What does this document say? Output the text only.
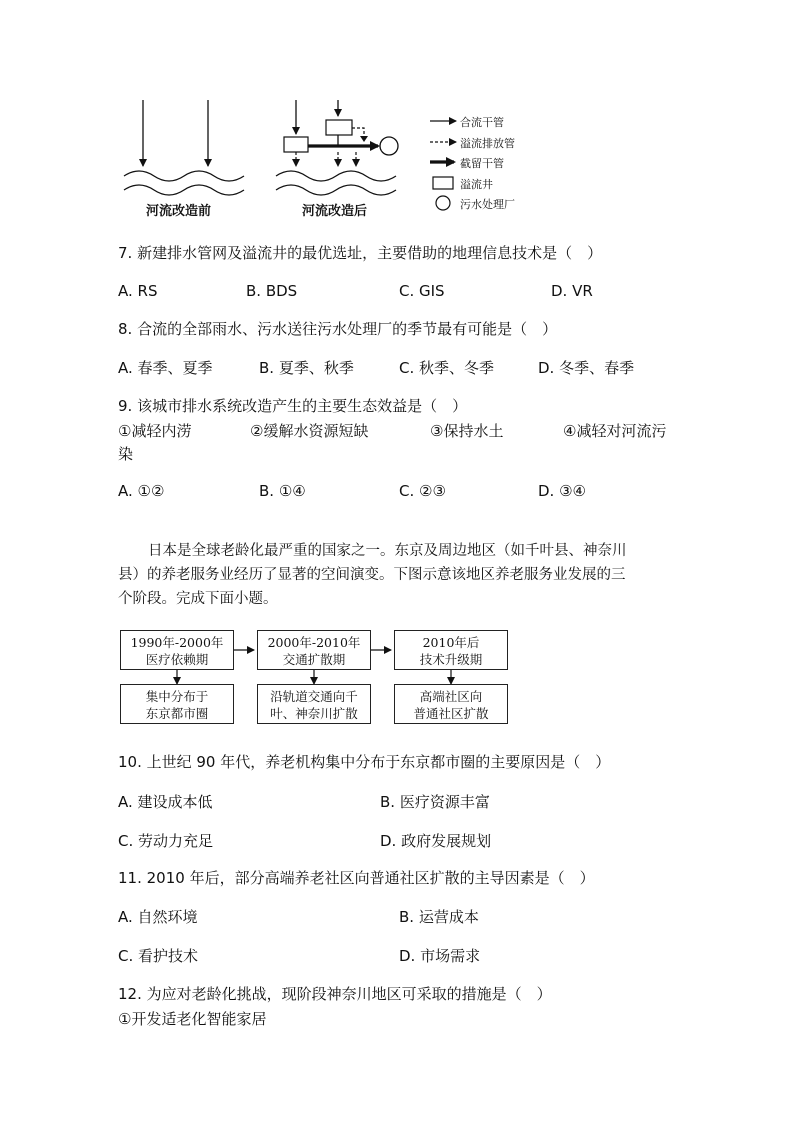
河流改造前	河流改造后
合流干管
溢流排放管
截留干管
溢流井
污水处理厂
7. 新建排水管网及溢流井的最优选址，主要借助的地理信息技术是（　）
A. RS	B. BDS	C. GIS	D. VR
8. 合流的全部雨水、污水送往污水处理厂的季节最有可能是（　）
A. 春季、夏季	B. 夏季、秋季	C. 秋季、冬季	D. 冬季、春季
9. 该城市排水系统改造产生的主要生态效益是（　）
①减轻内涝	②缓解水资源短缺	③保持水土	④减轻对河流污
染
A. ①②	B. ①④	C. ②③	D. ③④
日本是全球老龄化最严重的国家之一。东京及周边地区（如千叶县、神奈川
县）的养老服务业经历了显著的空间演变。下图示意该地区养老服务业发展的三
个阶段。完成下面小题。
1990年-2000年
医疗依赖期
2000年-2010年
交通扩散期
2010年后
技术升级期
集中分布于
东京都市圈
沿轨道交通向千
叶、神奈川扩散
高端社区向
普通社区扩散
10. 上世纪 90 年代，养老机构集中分布于东京都市圈的主要原因是（　）
A. 建设成本低	B. 医疗资源丰富
C. 劳动力充足	D. 政府发展规划
11. 2010 年后，部分高端养老社区向普通社区扩散的主导因素是（　）
A. 自然环境	B. 运营成本
C. 看护技术	D. 市场需求
12. 为应对老龄化挑战，现阶段神奈川地区可采取的措施是（　）
①开发适老化智能家居
